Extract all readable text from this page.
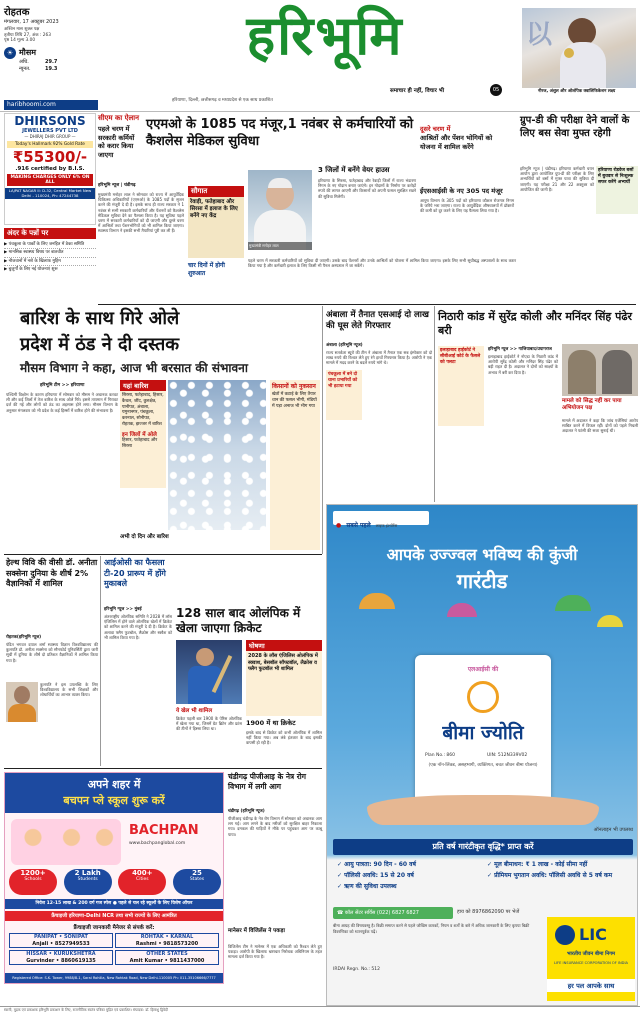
रोहतक
मंगलवार, 17 अक्टूबर 2023
अश्विन मास शुक्ल पक्ष
तृतीया तिथि 27, अंक : 263
पृष्ठ 14 मूल्य 3.00
☀ मौसम
अधि.	29.7
न्यूनत.	19.3
haribhoomi.com
हरिभूमि
हरियाणा, दिल्ली, छत्तीसगढ़ व मध्यप्रदेश से एक साथ प्रकाशित
समाचार ही नहीं, विचार भी	05
以
नीरज, अंशुल और ओलंपिक क्वालिफिकेशन लक्ष्य
DHIRSONS
JEWELLERS PVT LTD
— DHIRAJ DHIR GROUP —
Today's Hallmark 92% Gold Rate
₹55300/-
.916 certified by B.I.S.
MAKING CHARGES ONLY 6% ON ALL
LAJPAT NAGAR II: D-32, Central Market New Delhi - 110024, Ph: 47244738
अंदर के पन्नों पर
▶ पंचकूला के पार्कों के लिए जनहित में ठेका समिति
▶ मानसिक स्वास्थ्य विषय पर बातचीत
▶ नौजवानों में नशे के खिलाफ मुहिम
▶ बुजुर्गों के लिए नई योजनाएं शुरू
सीएम का ऐलान
पहले चरण में सरकारी कर्मियों को करार किया जाएगा
एएमओ के 1085 पद मंजूर,1 नवंबर से कर्मचारियों को कैशलेस मेडिकल सुविधा
दूसरे चरण में
आश्रितों और पेंशन भोगियों को योजना में शामिल करेंगे
ग्रुप-डी की परीक्षा देने वालों के लिए बस सेवा मुफ्त रहेगी
हरिभूमि न्यूज | चंडीगढ़
मुख्यमंत्री मनोहर लाल ने सोमवार को राज्य में आयुर्वेदिक चिकित्सा अधिकारियों (एएमओ) के 1085 पदों के सृजन करने की मंजूरी दे दी है। इसके साथ ही राज्य सरकार ने 1 नवंबर से सभी सरकारी कर्मचारियों और पेंशनरों को कैशलेस मेडिकल सुविधा देने का फैसला किया है। यह सुविधा पहले चरण में सरकारी कर्मचारियों को दी जाएगी और दूसरे चरण में आश्रितों तथा पेंशनभोगियों को भी शामिल किया जाएगा। स्वास्थ्य विभाग ने इसकी सभी तैयारियां पूरी कर ली हैं।
सौगात
रेवाड़ी, फतेहाबाद और सिरसा में इलाज के लिए बनेंगे नए केंद्र
चार दिनों में होगी शुरुआत
मुख्यमंत्री मनोहर लाल
3 जिलों में बनेंगे वेयर हाउस
हरियाणा के सिरसा, फतेहाबाद और रेवाड़ी जिलों में राज्य भंडारण निगम के नए गोदाम बनाए जाएंगे। इन गोदामों के निर्माण पर करोड़ों रुपये की लागत आएगी और किसानों को अपनी फसल सुरक्षित रखने की सुविधा मिलेगी।
ईएसआईसी के नए 305 पद मंजूर
आयुष विभाग के 305 पदों को हरियाणा कौशल रोजगार निगम के जरिये भरा जाएगा। राज्य के आयुर्वेदिक औषधालयों में डॉक्टरों की कमी को दूर करने के लिए यह फैसला लिया गया है।
पहले चरण में सरकारी कर्मचारियों को सुविधा दी जाएगी। उसके बाद पेंशनरों और उनके आश्रितों को योजना में शामिल किया जाएगा। इसके लिए सभी सूचीबद्ध अस्पतालों के साथ करार किया गया है और कर्मचारी इलाज के लिए किसी भी पैनल अस्पताल में जा सकेंगे।
हरियाणा रोडवेज बसों में बुधवार से निःशुल्क सफर करेंगे अभ्यर्थी
हरिभूमि न्यूज | चंडीगढ़। हरियाणा कर्मचारी चयन आयोग द्वारा आयोजित ग्रुप-डी की परीक्षा के लिए अभ्यर्थियों को बसों में मुफ्त यात्रा की सुविधा दी जाएगी। यह परीक्षा 21 और 22 अक्टूबर को आयोजित की जानी है।
बारिश के साथ गिरे ओले
प्रदेश में ठंड ने दी दस्तक
मौसम विभाग ने कहा, आज भी बरसात की संभावना
हरिभूमि टीम >> हरियाणा
पश्चिमी विक्षोभ के कारण हरियाणा में सोमवार को मौसम ने अचानक करवट ली और कई जिलों में तेज बारिश के साथ ओले गिरे। इससे तापमान में गिरावट दर्ज की गई और लोगों को ठंड का अहसास होने लगा। मौसम विभाग के अनुसार मंगलवार को भी प्रदेश के कई हिस्सों में बारिश होने की संभावना है।
यहां बारिश
सिरसा, फतेहाबाद, हिसार, कैथल, जींद, कुरुक्षेत्र, पानीपत, अंबाला, यमुनानगर, पंचकूला, करनाल, सोनीपत, रोहतक, झज्जर में बारिश
इन जिलों में ओले
हिसार, फतेहाबाद और सिरसा
अभी दो दिन और बारिश
किसानों को नुकसान
खेतों में कटाई के लिए तैयार धान की फसल भीगी, मंडियों में पड़ा अनाज भी भीग गया
अंबाला में तैनात एसआई दो लाख की घूस लेते गिरफ्तार
अंबाला (हरिभूमि न्यूज)
राज्य सतर्कता ब्यूरो की टीम ने अंबाला में तैनात एक सब इंस्पेक्टर को दो लाख रुपये की रिश्वत लेते हुए रंगे हाथों गिरफ्तार किया है। आरोपी ने एक मामले में मदद करने के बदले रुपये मांगे थे।
पंचकूला में बने दो थाना प्रभारियों को भी हटाया गया
निठारी कांड में सुरेंद्र कोली और मनिंदर सिंह पंढेर बरी
इलाहाबाद हाईकोर्ट ने सीबीआई कोर्ट के फैसले को पलटा
हरिभूमि न्यूज >> गाजियाबाद/प्रयागराज
इलाहाबाद हाईकोर्ट ने नोएडा के निठारी कांड में आरोपी सुरेंद्र कोली और मनिंदर सिंह पंढेर को बड़ी राहत दी है। अदालत ने दोनों को साक्ष्यों के अभाव में बरी कर दिया है।
मामले को सिद्ध नहीं कर पाया अभियोजन पक्ष
मामले में अदालत ने कहा कि जांच एजेंसियां आरोप साबित करने में विफल रहीं। दोनों को पहले निचली अदालत ने फांसी की सजा सुनाई थी।
● सबसे पहले लाइफ इंश्योरेंस
आपके उज्ज्वल भविष्य की कुंजी
गारंटीड
एलआईसी की
बीमा ज्योति
Plan No.: 860	UIN: 512N339V02
(एक नॉन-लिंक्ड, असहभागी, व्यक्तिगत, बचत जीवन बीमा योजना)
ऑनलाइन भी उपलब्ध
प्रति वर्ष गारंटीकृत वृद्धि* प्राप्त करें
✓ आयु पात्रता: 90 दिन - 60 वर्ष	✓ मूल बीमाधन: ₹ 1 लाख - कोई सीमा नहीं
✓ पॉलिसी अवधि: 15 से 20 वर्ष	✓ प्रीमियम भुगतान अवधि: पॉलिसी अवधि से 5 वर्ष कम
✓ ऋण की सुविधा उपलब्ध
☎ कॉल सेंटर सर्विस (022) 6827 6827	हाय को 8976862090 पर भेजें
बीमा आग्रह की विषयवस्तु है। बिक्री समाप्त करने से पहले जोखिम कारकों, नियम व शर्तों के बारे में अधिक जानकारी के लिए कृपया बिक्री विवरणिका को ध्यानपूर्वक पढ़ें।
IRDAI Regn. No.: 512
LIC
भारतीय जीवन बीमा निगम
LIFE INSURANCE CORPORATION OF INDIA
हर पल आपके साथ
हेल्थ विवि की वीसी डॉ. अनीता सक्सेना दुनिया के शीर्ष 2% वैज्ञानिकों में शामिल
रोहतक(हरिभूमि न्यूज)
पंडित भगवत दयाल शर्मा स्वास्थ्य विज्ञान विश्वविद्यालय की कुलपति डॉ. अनीता सक्सेना को स्टैनफोर्ड यूनिवर्सिटी द्वारा जारी सूची में दुनिया के शीर्ष दो प्रतिशत वैज्ञानिकों में शामिल किया गया है।
कुलपति ने इस उपलब्धि के लिए विश्वविद्यालय के सभी शिक्षकों और शोधार्थियों का आभार व्यक्त किया।
आईओसी का फैसला टी-20 प्रारूप में होंगे मुकाबले
हरिभूमि न्यूज >> मुंबई	128 साल बाद ओलंपिक में खेला जाएगा क्रिकेट
अंतरराष्ट्रीय ओलंपिक समिति ने 2028 में लॉस एंजिलिस में होने वाले ओलंपिक खेलों में क्रिकेट को शामिल करने की मंजूरी दे दी है। क्रिकेट के अलावा फ्लैग फुटबॉल, लैक्रोस और स्क्वैश को भी शामिल किया गया है।
ये खेल भी शामिल
क्रिकेट पहली बार 1900 के पेरिस ओलंपिक में खेला गया था, जिसमें ग्रेट ब्रिटेन और फ्रांस की टीमों ने हिस्सा लिया था।
घोषणा
2028 के लॉस एंजिलिस ओलंपिक में स्क्वाश, बेसबॉल सॉफ्टबॉल, लैक्रोस व फ्लैग फुटबॉल भी शामिल
1900 में था क्रिकेट
इसके बाद से क्रिकेट को कभी ओलंपिक में शामिल नहीं किया गया। अब लंबे इंतजार के बाद इसकी वापसी हो रही है।
अपने शहर में
बचपन प्ले स्कूल शुरू करें
BACHPAN
www.bachpanglobal.com
1200+
Schools
2 Lakh
Students
400+
Cities
25
States
निवेश 12-15 लाख & 200 वर्ग गज स्पेस ● पहले से चल रहे स्कूलों के लिए विशेष ऑफर
फ्रैंचाइजी हरियाणा-Delhi NCR तथा सभी राज्यों के लिए आमंत्रित
फ्रैंचाइजी जानकारी मैनेजर से संपर्क करें:
PANIPAT • SONIPAT
Anjali • 8527949533
ROHTAK • KARNAL
Rashmi • 9818573200
HISSAR • KURUKSHETRA
Gurvinder • 8860619135
OTHER STATES
Amit Kumar • 9811437000
Registered Office: S.K. Tower, 9988/8-1, Sarai Rohilla, New Rohtak Road, New Delhi-110005 Ph: 011-35106666/7777
चंडीगढ़ पीजीआइ के नेत्र रोग विभाग में लगी आग
चंडीगढ़ (हरिभूमि न्यूज)
पीजीआइ चंडीगढ़ के नेत्र रोग विभाग में सोमवार को अचानक आग लग गई। आग लगने के बाद मरीजों को सुरक्षित बाहर निकाला गया। दमकल की गाड़ियों ने मौके पर पहुंचकर आग पर काबू पाया।
मानेसर में विजिलेंस ने पकड़ा
विजिलेंस टीम ने मानेसर में एक अधिकारी को रिश्वत लेते हुए पकड़ा। आरोपी के खिलाफ भ्रष्टाचार निरोधक अधिनियम के तहत मामला दर्ज किया गया है।
स्वामी, मुद्रक एवं प्रकाशक हरिभूमि प्रकाशन के लिए, राजनीतिक स्वतंत्र पत्रिका मुद्रित एवं प्रकाशित। संपादक: डॉ. हिमांशु द्विवेदी
